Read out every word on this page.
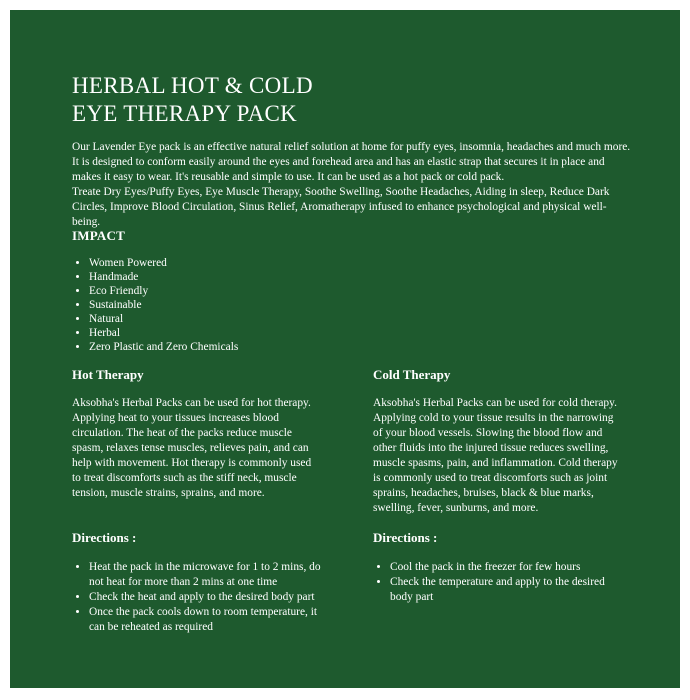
HERBAL HOT & COLD
EYE THERAPY PACK

Our Lavender Eye pack is an effective natural relief solution at home for puffy eyes, insomnia, headaches and much more. It is designed to conform easily around the eyes and forehead area and has an elastic strap that secures it in place and makes it easy to wear. It's reusable and simple to use. It can be used as a hot pack or cold pack.

Treate Dry Eyes/Puffy Eyes, Eye Muscle Therapy, Soothe Swelling, Soothe Headaches, Aiding in sleep, Reduce Dark Circles, Improve Blood Circulation, Sinus Relief, Aromatherapy infused to enhance psychological and physical well-being.

IMPACT
• Women Powered
• Handmade
• Eco Friendly
• Sustainable
• Natural
• Herbal
• Zero Plastic and Zero Chemicals
Hot Therapy

Aksobha's Herbal Packs can be used for hot therapy. Applying heat to your tissues increases blood circulation. The heat of the packs reduce muscle spasm, relaxes tense muscles, relieves pain, and can help with movement. Hot therapy is commonly used to treat discomforts such as the stiff neck, muscle tension, muscle strains, sprains, and more.

Directions :
• Heat the pack in the microwave for 1 to 2 mins, do not heat for more than 2 mins at one time
• Check the heat and apply to the desired body part
• Once the pack cools down to room temperature, it can be reheated as required
Cold Therapy

Aksobha's Herbal Packs can be used for cold therapy. Applying cold to your tissue results in the narrowing of your blood vessels. Slowing the blood flow and other fluids into the injured tissue reduces swelling, muscle spasms, pain, and inflammation. Cold therapy is commonly used to treat discomforts such as joint sprains, headaches, bruises, black & blue marks, swelling, fever, sunburns, and more.

Directions :
• Cool the pack in the freezer for few hours
• Check the temperature and apply to the desired body part
